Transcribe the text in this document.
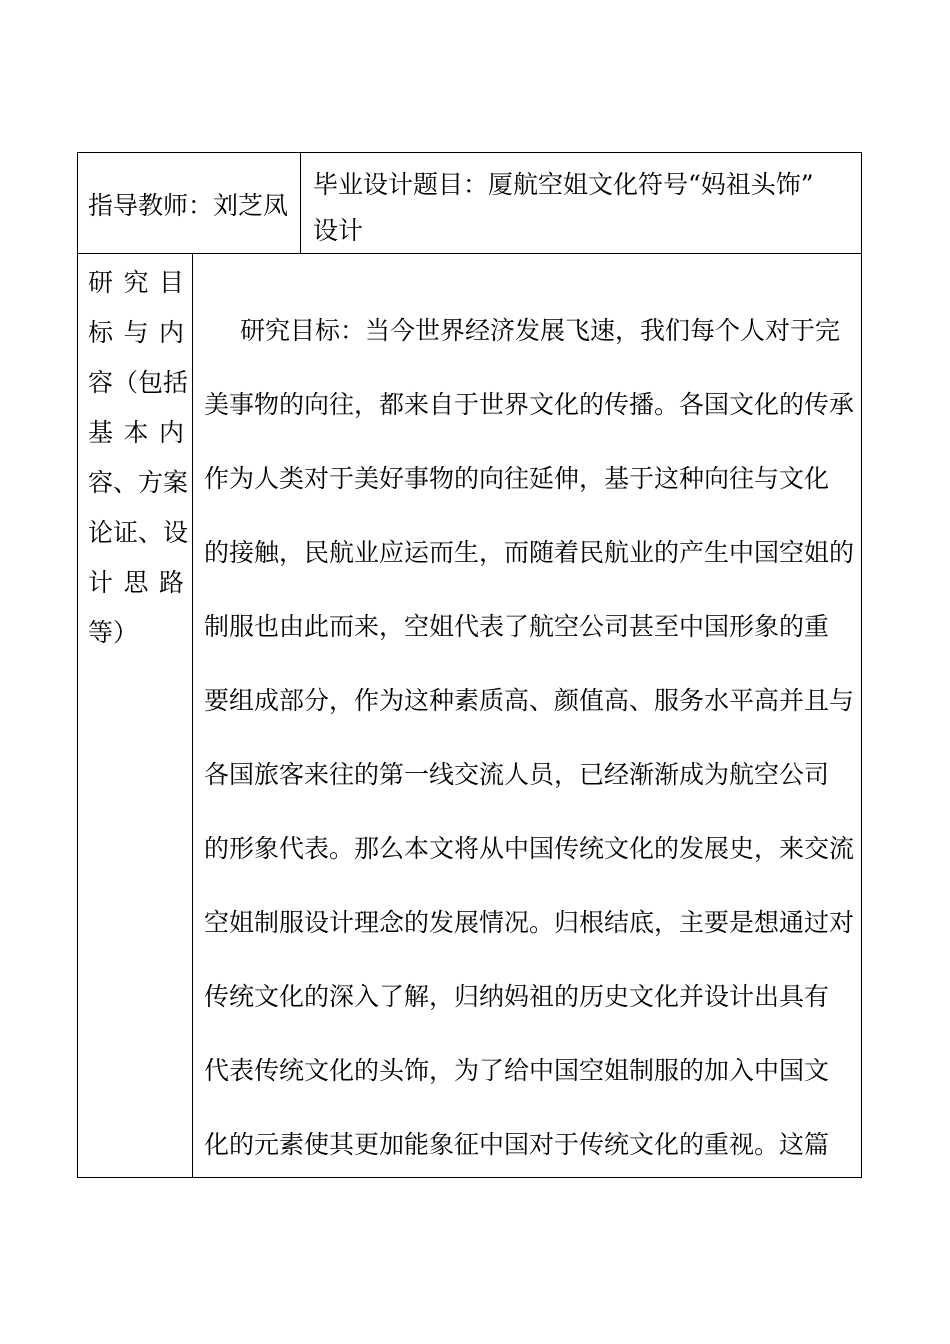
指导教师：刘芝凤
毕业设计题目：厦航空姐文化符号“妈祖头饰”
设计
研 究 目
标 与 内
容（包括
基 本 内
容、方案
论证、设
计 思 路
等）
研究目标：当今世界经济发展飞速，我们每个人对于完
美事物的向往，都来自于世界文化的传播。各国文化的传承
作为人类对于美好事物的向往延伸，基于这种向往与文化
的接触，民航业应运而生，而随着民航业的产生中国空姐的
制服也由此而来，空姐代表了航空公司甚至中国形象的重
要组成部分，作为这种素质高、颜值高、服务水平高并且与
各国旅客来往的第一线交流人员，已经渐渐成为航空公司
的形象代表。那么本文将从中国传统文化的发展史，来交流
空姐制服设计理念的发展情况。归根结底，主要是想通过对
传统文化的深入了解，归纳妈祖的历史文化并设计出具有
代表传统文化的头饰，为了给中国空姐制服的加入中国文
化的元素使其更加能象征中国对于传统文化的重视。这篇
